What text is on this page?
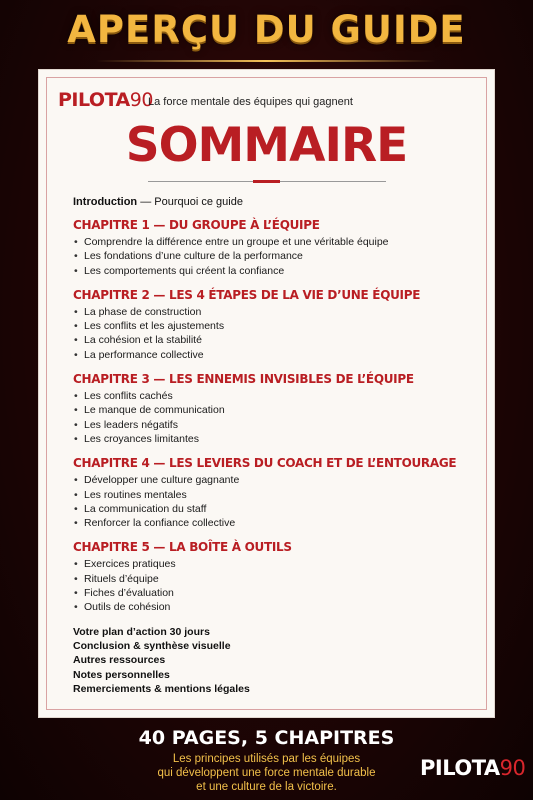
APERÇU DU GUIDE
PILOTA90
La force mentale des équipes qui gagnent
SOMMAIRE
Introduction — Pourquoi ce guide
CHAPITRE 1 — DU GROUPE À L’ÉQUIPE
• Comprendre la différence entre un groupe et une véritable équipe
• Les fondations d’une culture de la performance
• Les comportements qui créent la confiance
CHAPITRE 2 — LES 4 ÉTAPES DE LA VIE D’UNE ÉQUIPE
• La phase de construction
• Les conflits et les ajustements
• La cohésion et la stabilité
• La performance collective
CHAPITRE 3 — LES ENNEMIS INVISIBLES DE L’ÉQUIPE
• Les conflits cachés
• Le manque de communication
• Les leaders négatifs
• Les croyances limitantes
CHAPITRE 4 — LES LEVIERS DU COACH ET DE L’ENTOURAGE
• Développer une culture gagnante
• Les routines mentales
• La communication du staff
• Renforcer la confiance collective
CHAPITRE 5 — LA BOÎTE À OUTILS
• Exercices pratiques
• Rituels d’équipe
• Fiches d’évaluation
• Outils de cohésion
Votre plan d’action 30 jours
Conclusion & synthèse visuelle
Autres ressources
Notes personnelles
Remerciements & mentions légales
40 PAGES, 5 CHAPITRES
Les principes utilisés par les équipes
qui développent une force mentale durable
et une culture de la victoire.
PILOTA90
